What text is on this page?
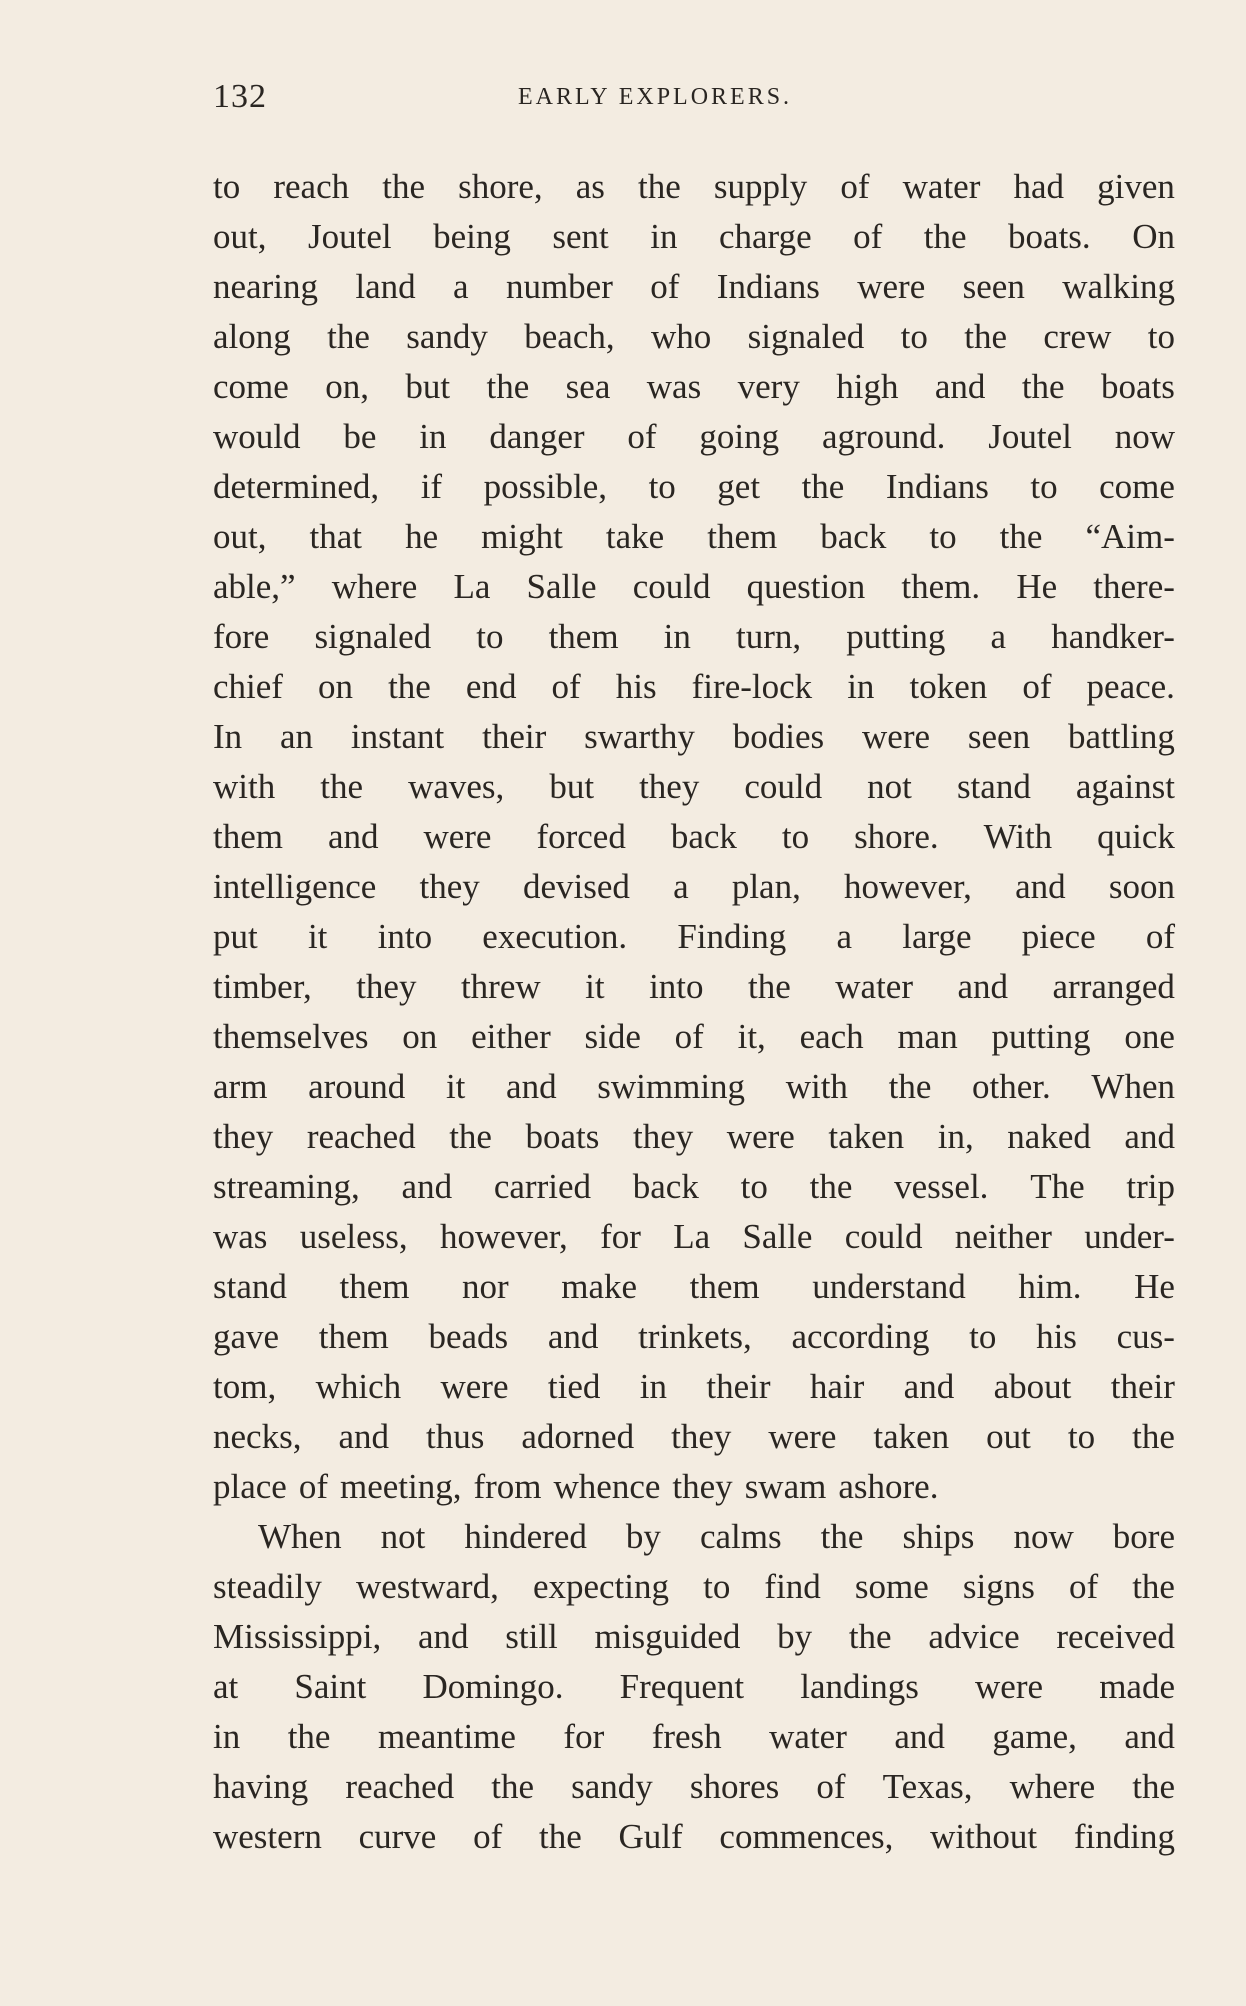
132	EARLY EXPLORERS.
to reach the shore, as the supply of water had given
out, Joutel being sent in charge of the boats. On
nearing land a number of Indians were seen walking
along the sandy beach, who signaled to the crew to
come on, but the sea was very high and the boats
would be in danger of going aground. Joutel now
determined, if possible, to get the Indians to come
out, that he might take them back to the “Aim-
able,” where La Salle could question them. He there-
fore signaled to them in turn, putting a handker-
chief on the end of his fire-lock in token of peace.
In an instant their swarthy bodies were seen battling
with the waves, but they could not stand against
them and were forced back to shore. With quick
intelligence they devised a plan, however, and soon
put it into execution. Finding a large piece of
timber, they threw it into the water and arranged
themselves on either side of it, each man putting one
arm around it and swimming with the other. When
they reached the boats they were taken in, naked and
streaming, and carried back to the vessel. The trip
was useless, however, for La Salle could neither under-
stand them nor make them understand him. He
gave them beads and trinkets, according to his cus-
tom, which were tied in their hair and about their
necks, and thus adorned they were taken out to the
place of meeting, from whence they swam ashore.
When not hindered by calms the ships now bore
steadily westward, expecting to find some signs of the
Mississippi, and still misguided by the advice received
at Saint Domingo. Frequent landings were made
in the meantime for fresh water and game, and
having reached the sandy shores of Texas, where the
western curve of the Gulf commences, without finding
